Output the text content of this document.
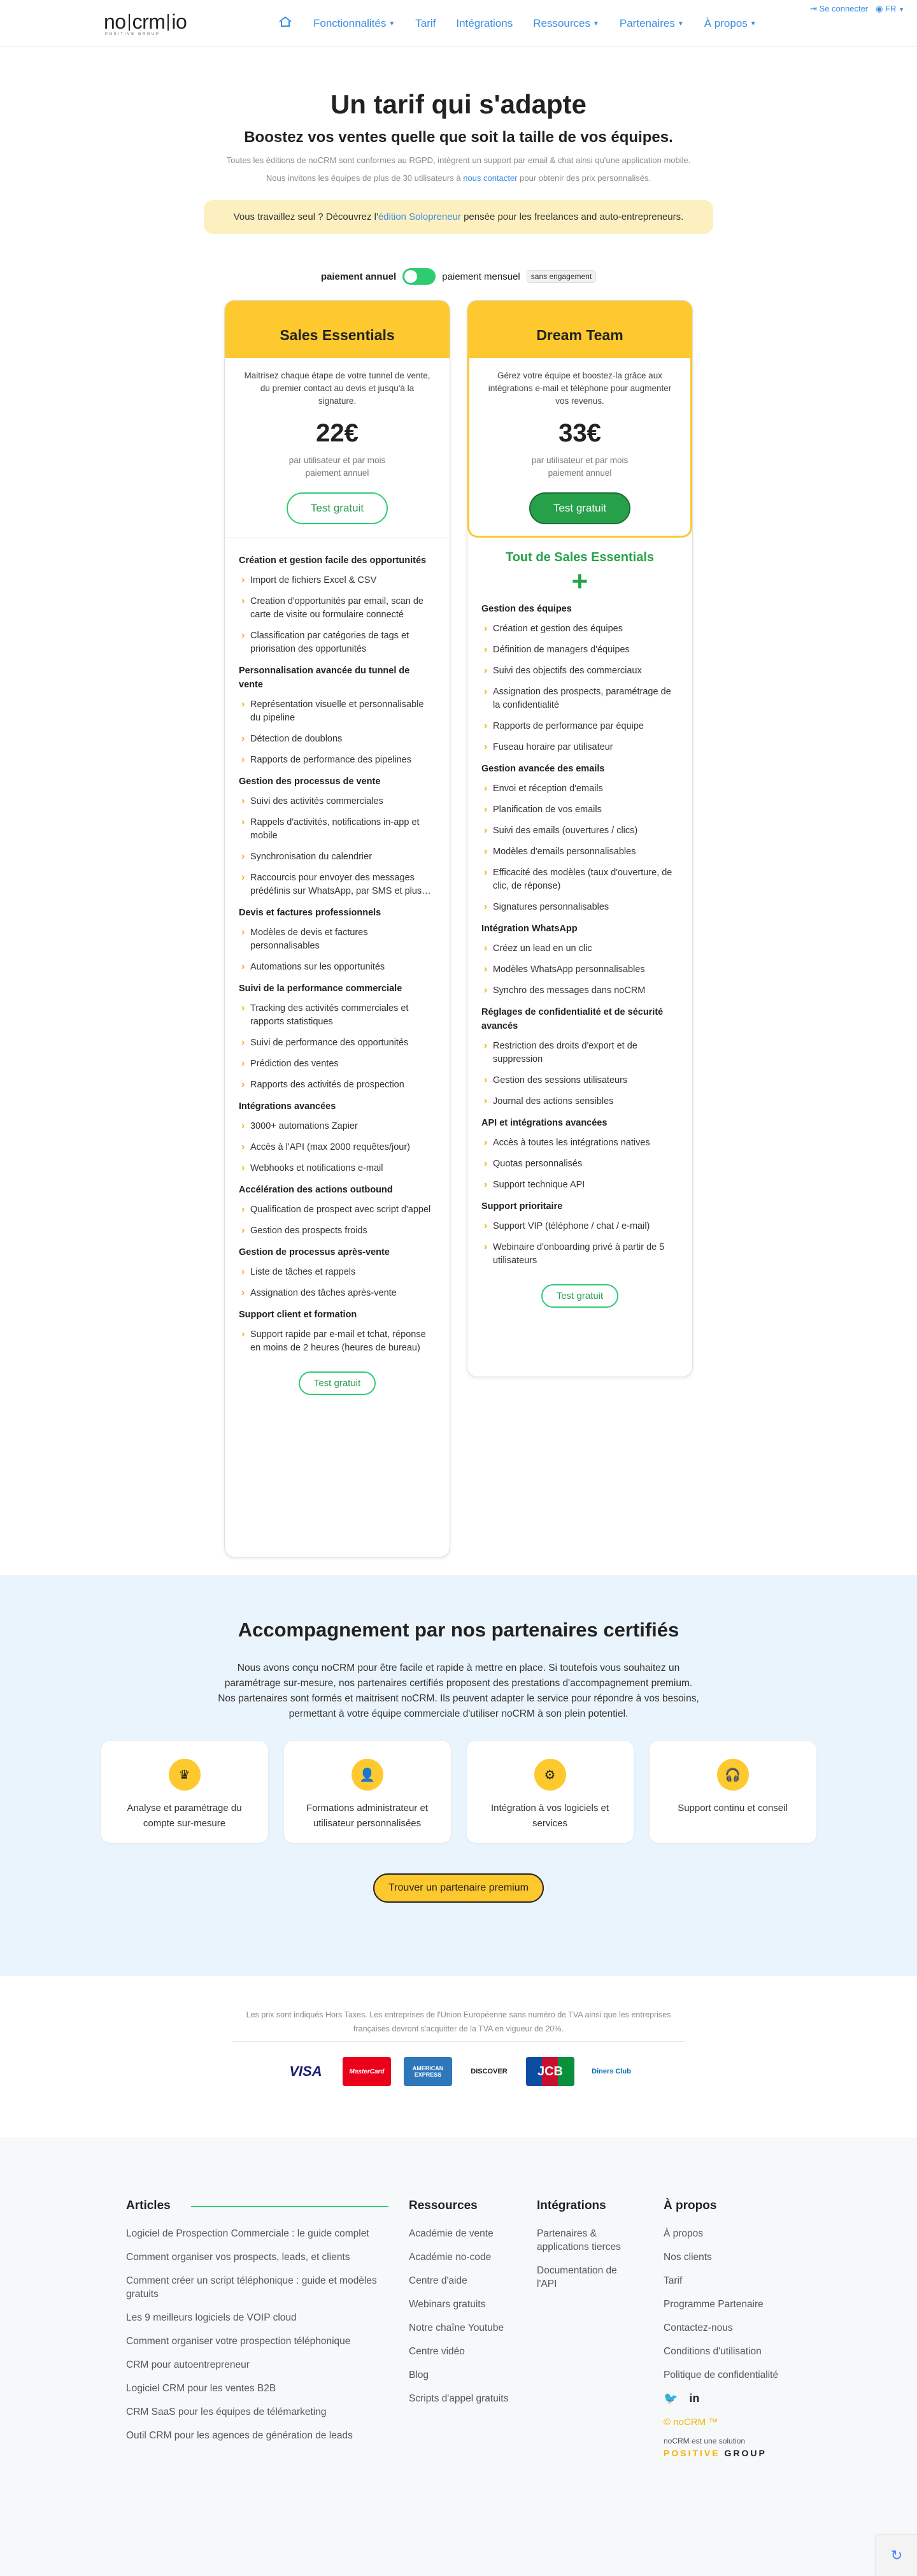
no crm io
POSITIVE GROUP
Fonctionnalités ▼	Tarif	Intégrations	Ressources ▼	Partenaires ▼	À propos ▼
⇥ Se connecter ◉ FR ▼
Un tarif qui s'adapte
Boostez vos ventes quelle que soit la taille de vos équipes.

Toutes les éditions de noCRM sont conformes au RGPD, intègrent un support par email & chat ainsi qu'une application mobile.

Nous invitons les équipes de plus de 30 utilisateurs à nous contacter pour obtenir des prix personnalisés.

Vous travaillez seul ? Découvrez l'édition Solopreneur pensée pour les freelances and auto-entrepreneurs.
paiement annuel	paiement mensuel	sans engagement
Sales Essentials
Maitrisez chaque étape de votre tunnel de vente, du premier contact au devis et jusqu'à la signature.
22€
par utilisateur et par mois
paiement annuel
Test gratuit
Création et gestion facile des opportunités
› Import de fichiers Excel & CSV
› Creation d'opportunités par email, scan de carte de visite ou formulaire connecté
› Classification par catégories de tags et priorisation des opportunités
Personnalisation avancée du tunnel de vente
› Représentation visuelle et personnalisable du pipeline
› Détection de doublons
› Rapports de performance des pipelines
Gestion des processus de vente
› Suivi des activités commerciales
› Rappels d'activités, notifications in-app et mobile
› Synchronisation du calendrier
› Raccourcis pour envoyer des messages prédéfinis sur WhatsApp, par SMS et plus…
Devis et factures professionnels
› Modèles de devis et factures personnalisables
› Automations sur les opportunités
Suivi de la performance commerciale
› Tracking des activités commerciales et rapports statistiques
› Suivi de performance des opportunités
› Prédiction des ventes
› Rapports des activités de prospection
Intégrations avancées
› 3000+ automations Zapier
› Accès à l'API (max 2000 requêtes/jour)
› Webhooks et notifications e-mail
Accélération des actions outbound
› Qualification de prospect avec script d'appel
› Gestion des prospects froids
Gestion de processus après-vente
› Liste de tâches et rappels
› Assignation des tâches après-vente
Support client et formation
› Support rapide par e-mail et tchat, réponse en moins de 2 heures (heures de bureau)
Test gratuit
Dream Team
Gérez votre équipe et boostez-la grâce aux intégrations e-mail et téléphone pour augmenter vos revenus.
33€
par utilisateur et par mois
paiement annuel
Test gratuit
Tout de Sales Essentials
+
Gestion des équipes
› Création et gestion des équipes
› Définition de managers d'équipes
› Suivi des objectifs des commerciaux
› Assignation des prospects, paramétrage de la confidentialité
› Rapports de performance par équipe
› Fuseau horaire par utilisateur
Gestion avancée des emails
› Envoi et réception d'emails
› Planification de vos emails
› Suivi des emails (ouvertures / clics)
› Modèles d'emails personnalisables
› Efficacité des modèles (taux d'ouverture, de clic, de réponse)
› Signatures personnalisables
Intégration WhatsApp
› Créez un lead en un clic
› Modèles WhatsApp personnalisables
› Synchro des messages dans noCRM
Réglages de confidentialité et de sécurité avancés
› Restriction des droits d'export et de suppression
› Gestion des sessions utilisateurs
› Journal des actions sensibles
API et intégrations avancées
› Accès à toutes les intégrations natives
› Quotas personnalisés
› Support technique API
Support prioritaire
› Support VIP (téléphone / chat / e-mail)
› Webinaire d'onboarding privé à partir de 5 utilisateurs
Test gratuit
Accompagnement par nos partenaires certifiés

Nous avons conçu noCRM pour être facile et rapide à mettre en place. Si toutefois vous souhaitez un paramétrage sur-mesure, nos partenaires certifiés proposent des prestations d'accompagnement premium. Nos partenaires sont formés et maitrisent noCRM. Ils peuvent adapter le service pour répondre à vos besoins, permettant à votre équipe commerciale d'utiliser noCRM à son plein potentiel.

♛
Analyse et paramétrage du compte sur-mesure
👤
Formations administrateur et utilisateur personnalisées
⚙
Intégration à vos logiciels et services
🎧
Support continu et conseil
Trouver un partenaire premium

Les prix sont indiqués Hors Taxes. Les entreprises de l'Union Européenne sans numéro de TVA ainsi que les entreprises françaises devront s'acquitter de la TVA en vigueur de 20%.

VISA	MasterCard	AMERICAN EXPRESS	DISCOVER	JCB	Diners Club
Articles
Logiciel de Prospection Commerciale : le guide complet
Comment organiser vos prospects, leads, et clients
Comment créer un script téléphonique : guide et modèles gratuits
Les 9 meilleurs logiciels de VOIP cloud
Comment organiser votre prospection téléphonique
CRM pour autoentrepreneur
Logiciel CRM pour les ventes B2B
CRM SaaS pour les équipes de télémarketing
Outil CRM pour les agences de génération de leads
Ressources
Académie de vente
Académie no-code
Centre d'aide
Webinars gratuits
Notre chaîne Youtube
Centre vidéo
Blog
Scripts d'appel gratuits
Intégrations
Partenaires & applications tierces
Documentation de l'API
À propos
À propos
Nos clients
Tarif
Programme Partenaire
Contactez-nous
Conditions d'utilisation
Politique de confidentialité
🐦 in
© noCRM ™
noCRM est une solution
POSITIVE GROUP
↻
